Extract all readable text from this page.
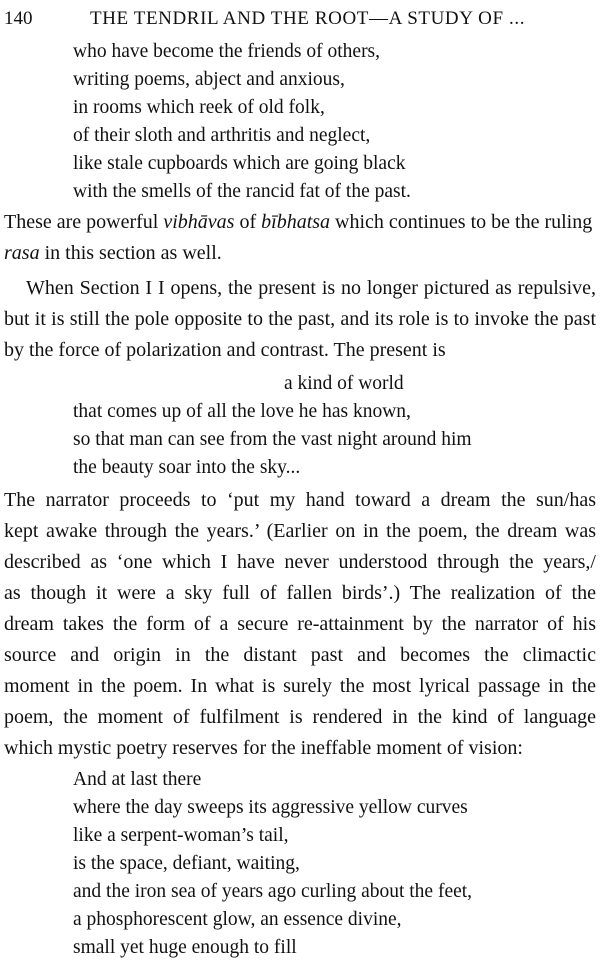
140	THE TENDRIL AND THE ROOT—A STUDY OF ...
who have become the friends of others,
writing poems, abject and anxious,
in rooms which reek of old folk,
of their sloth and arthritis and neglect,
like stale cupboards which are going black
with the smells of the rancid fat of the past.
These are powerful vibhāvas of bībhatsa which continues to be the ruling
rasa in this section as well.
When Section I I opens, the present is no longer pictured as repulsive,
but it is still the pole opposite to the past, and its role is to invoke the past
by the force of polarization and contrast. The present is
a kind of world
that comes up of all the love he has known,
so that man can see from the vast night around him
the beauty soar into the sky...
The narrator proceeds to ‘put my hand toward a dream the sun/has
kept awake through the years.’ (Earlier on in the poem, the dream was
described as ‘one which I have never understood through the years,/
as though it were a sky full of fallen birds’.) The realization of the
dream takes the form of a secure re-attainment by the narrator of his
source and origin in the distant past and becomes the climactic
moment in the poem. In what is surely the most lyrical passage in the
poem, the moment of fulfilment is rendered in the kind of language
which mystic poetry reserves for the ineffable moment of vision:
And at last there
where the day sweeps its aggressive yellow curves
like a serpent-woman’s tail,
is the space, defiant, waiting,
and the iron sea of years ago curling about the feet,
a phosphorescent glow, an essence divine,
small yet huge enough to fill
